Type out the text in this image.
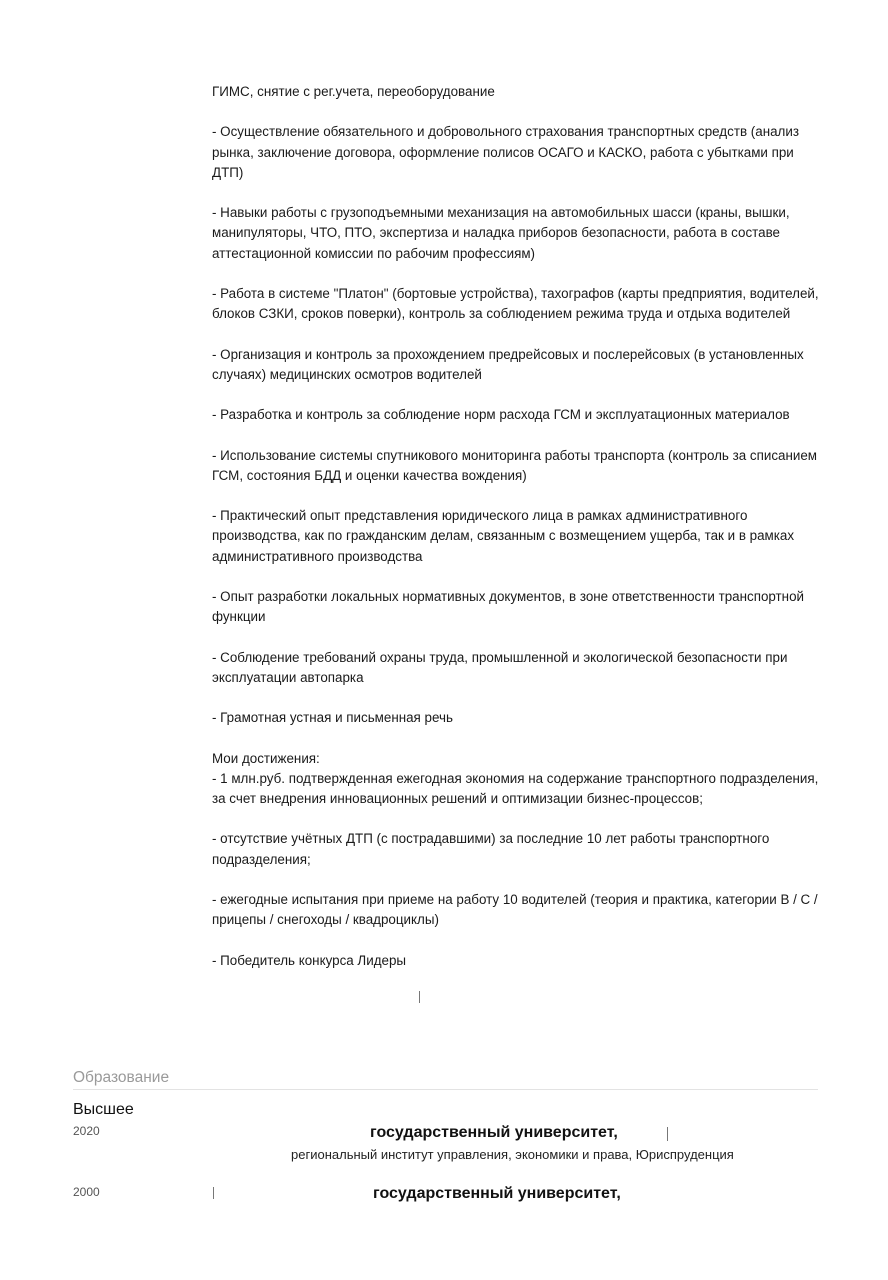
ГИМС, снятие с рег.учета, переоборудование

- Осуществление обязательного и добровольного страхования транспортных средств (анализ рынка, заключение договора, оформление полисов ОСАГО и КАСКО, работа с убытками при ДТП)

- Навыки работы с грузоподъемными механизация на автомобильных шасси (краны, вышки, манипуляторы, ЧТО, ПТО, экспертиза и наладка приборов безопасности, работа в составе аттестационной комиссии по рабочим профессиям)

- Работа в системе "Платон" (бортовые устройства), тахографов (карты предприятия, водителей, блоков СЗКИ, сроков поверки), контроль за соблюдением режима труда и отдыха водителей

- Организация и контроль за прохождением предрейсовых и послерейсовых (в установленных случаях) медицинских осмотров водителей

- Разработка и контроль за соблюдение норм расхода ГСМ и эксплуатационных материалов

- Использование системы спутникового мониторинга работы транспорта (контроль за списанием ГСМ, состояния БДД и оценки качества вождения)

- Практический опыт представления юридического лица в рамках административного производства, как по гражданским делам, связанным с возмещением ущерба, так и в рамках административного производства

- Опыт разработки локальных нормативных документов, в зоне ответственности транспортной функции

- Соблюдение требований охраны труда, промышленной и экологической безопасности при эксплуатации автопарка

- Грамотная устная и письменная речь

Мои достижения:

- 1 млн.руб. подтвержденная ежегодная экономия на содержание транспортного подразделения, за счет внедрения инновационных решений и оптимизации бизнес-процессов;

- отсутствие учётных ДТП (с пострадавшими) за последние 10 лет работы транспортного подразделения;

- ежегодные испытания при приеме на работу 10 водителей (теория и практика, категории В / С / прицепы / снегоходы / квадроциклы)

- Победитель конкурса Лидеры

Образование
Высшее
2020	государственный университет,
региональный институт управления, экономики и права, Юриспруденция
2000	государственный университет,
